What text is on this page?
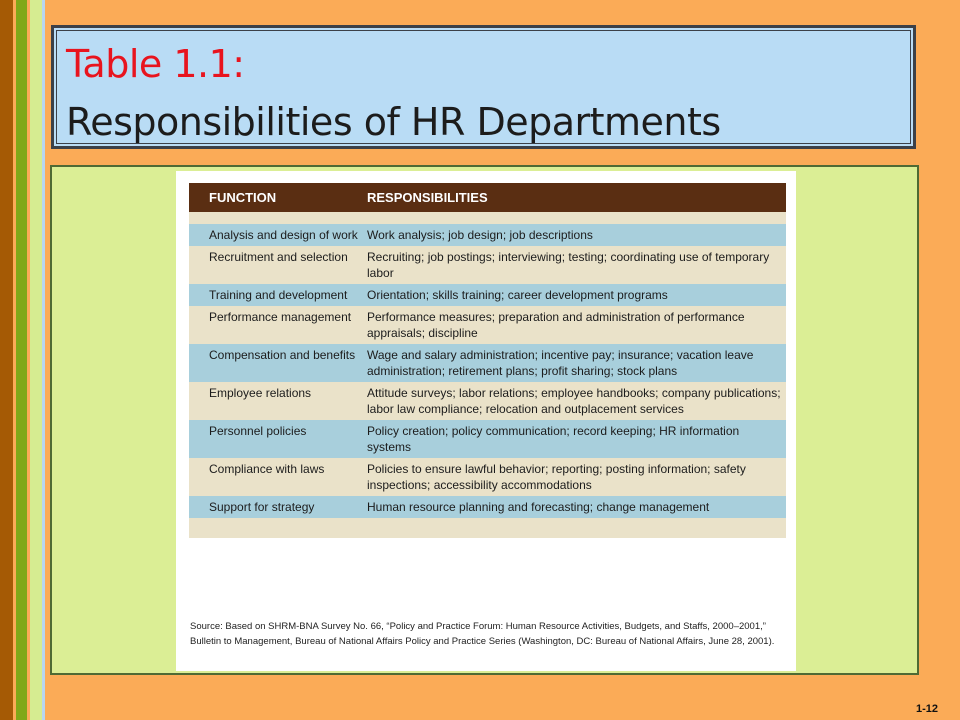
Table 1.1:
Responsibilities of HR Departments
FUNCTION	RESPONSIBILITIES

Analysis and design of work	Work analysis; job design; job descriptions
Recruitment and selection	Recruiting; job postings; interviewing; testing; coordinating use of temporary labor
Training and development	Orientation; skills training; career development programs
Performance management	Performance measures; preparation and administration of performance appraisals; discipline
Compensation and benefits	Wage and salary administration; incentive pay; insurance; vacation leave administration; retirement plans; profit sharing; stock plans
Employee relations	Attitude surveys; labor relations; employee handbooks; company publications; labor law compliance; relocation and outplacement services
Personnel policies	Policy creation; policy communication; record keeping; HR information systems
Compliance with laws	Policies to ensure lawful behavior; reporting; posting information; safety inspections; accessibility accommodations
Support for strategy	Human resource planning and forecasting; change management

Source: Based on SHRM-BNA Survey No. 66, “Policy and Practice Forum: Human Resource Activities, Budgets, and Staffs, 2000–2001,” Bulletin to Management, Bureau of National Affairs Policy and Practice Series (Washington, DC: Bureau of National Affairs, June 28, 2001).
1-12
